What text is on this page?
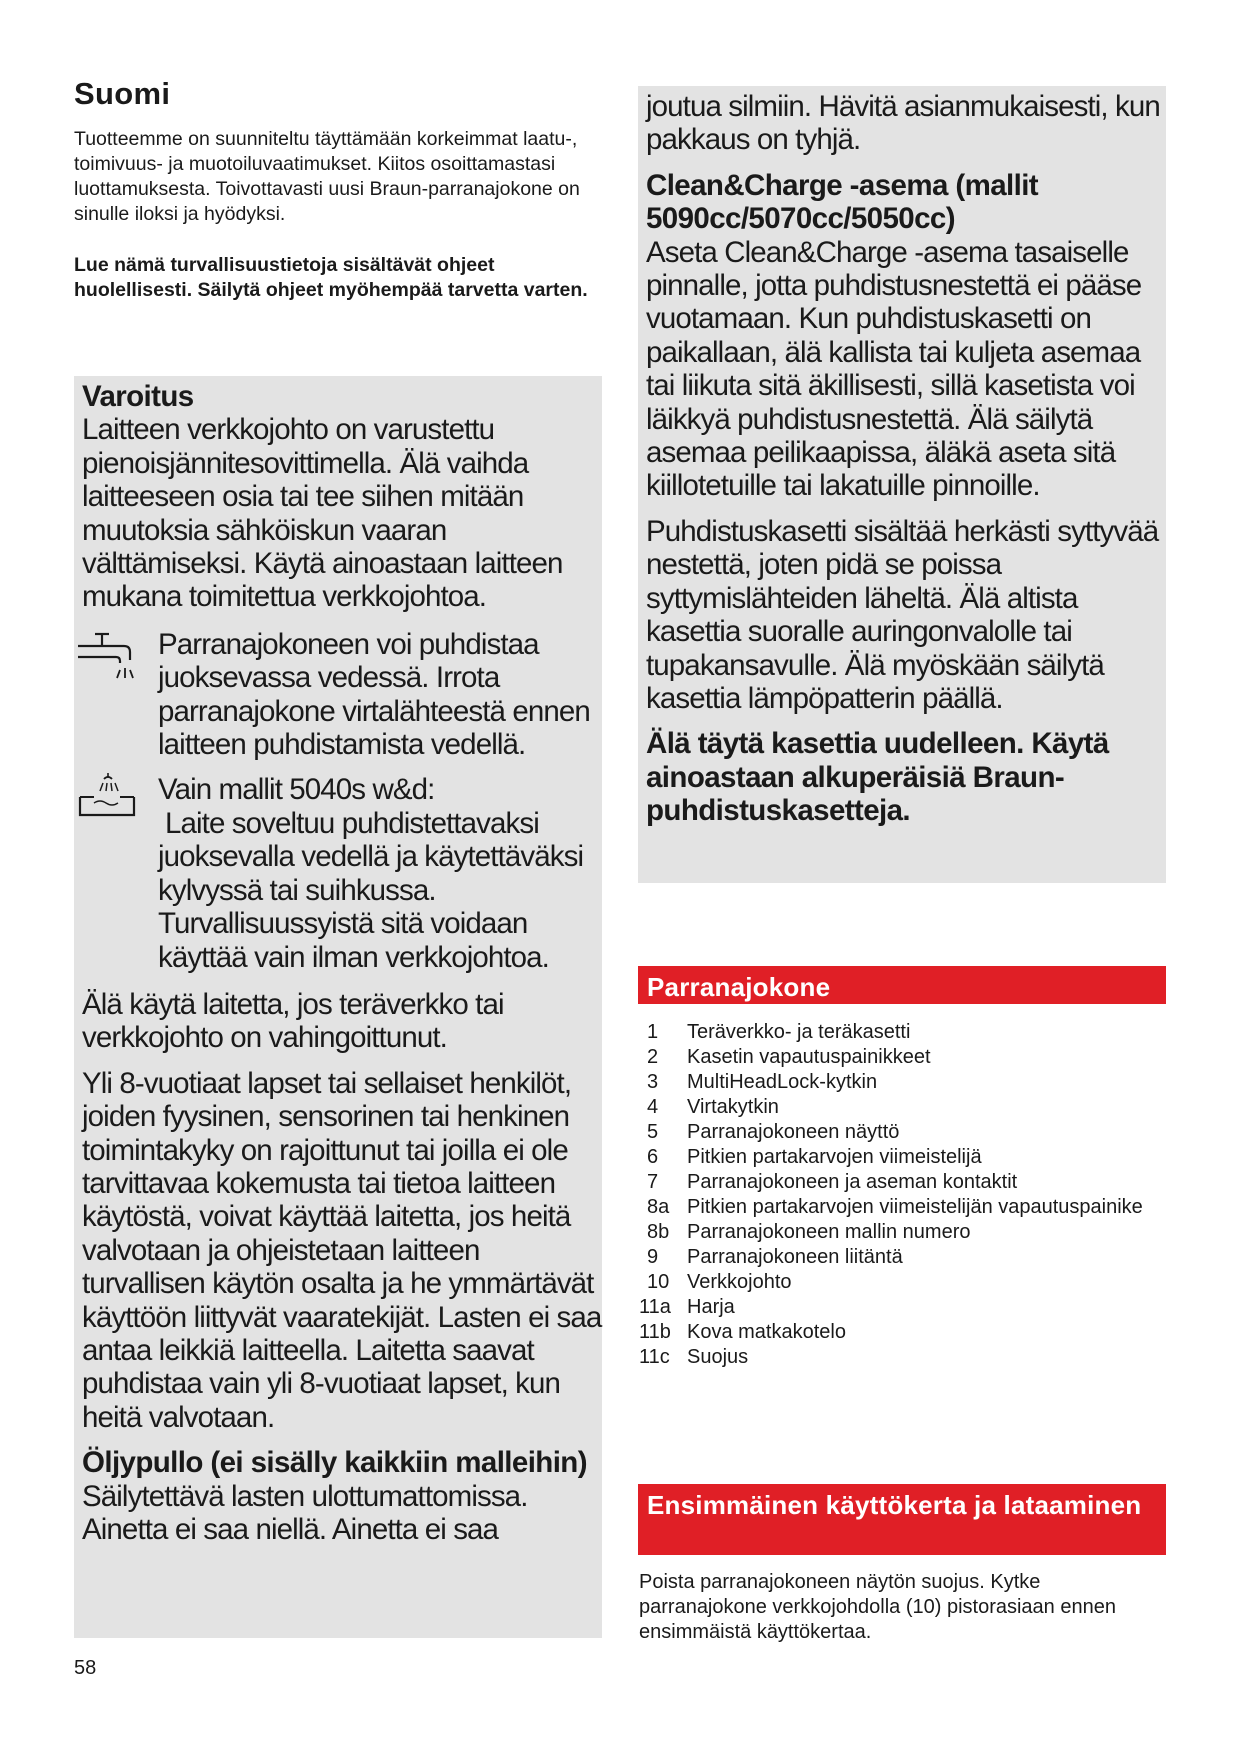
Suomi

Tuotteemme on suunniteltu täyttämään korkeimmat laatu-, toimivuus- ja muotoiluvaatimukset. Kiitos osoittamastasi luottamuksesta. Toivottavasti uusi Braun-parranajokone on sinulle iloksi ja hyödyksi.

Lue nämä turvallisuustietoja sisältävät ohjeet huolellisesti. Säilytä ohjeet myöhempää tarvetta varten.

Varoitus

Laitteen verkkojohto on varustettu pienoisjännitesovittimella. Älä vaihda laitteeseen osia tai tee siihen mitään muutoksia sähköiskun vaaran välttämiseksi. Käytä ainoastaan laitteen mukana toimitettua verkkojohtoa.

Parranajokoneen voi puhdistaa juoksevassa vedessä. Irrota parranajokone virtalähteestä ennen laitteen puhdistamista vedellä.

Vain mallit 5040s w&d:

Laite soveltuu puhdistettavaksi juoksevalla vedellä ja käytettäväksi kylvyssä tai suihkussa. Turvallisuussyistä sitä voidaan käyttää vain ilman verkkojohtoa.

Älä käytä laitetta, jos teräverkko tai verkkojohto on vahingoittunut.

Yli 8-vuotiaat lapset tai sellaiset henkilöt, joiden fyysinen, sensorinen tai henkinen toimintakyky on rajoittunut tai joilla ei ole tarvittavaa kokemusta tai tietoa laitteen käytöstä, voivat käyttää laitetta, jos heitä valvotaan ja ohjeistetaan laitteen turvallisen käytön osalta ja he ymmärtävät käyttöön liittyvät vaaratekijät. Lasten ei saa antaa leikkiä laitteella. Laitetta saavat puhdistaa vain yli 8-vuotiaat lapset, kun heitä valvotaan.

Öljypullo (ei sisälly kaikkiin malleihin)

Säilytettävä lasten ulottumattomissa. Ainetta ei saa niellä. Ainetta ei saa

joutua silmiin. Hävitä asianmukaisesti, kun pakkaus on tyhjä.

Clean&Charge -asema (mallit 5090cc/5070cc/5050cc)

Aseta Clean&Charge -asema tasaiselle pinnalle, jotta puhdistusnestettä ei pääse vuotamaan. Kun puhdistuskasetti on paikallaan, älä kallista tai kuljeta asemaa tai liikuta sitä äkillisesti, sillä kasetista voi läikkyä puhdistusnestettä. Älä säilytä asemaa peilikaapissa, äläkä aseta sitä kiillotetuille tai lakatuille pinnoille.

Puhdistuskasetti sisältää herkästi syttyvää nestettä, joten pidä se poissa syttymislähteiden läheltä. Älä altista kasettia suoralle auringonvalolle tai tupakansavulle. Älä myöskään säilytä kasettia lämpöpatterin päällä.

Älä täytä kasettia uudelleen. Käytä ainoastaan alkuperäisiä Braun-puhdistuskasetteja.

Parranajokone
1	Teräverkko- ja teräkasetti
2	Kasetin vapautuspainikkeet
3	MultiHeadLock-kytkin
4	Virtakytkin
5	Parranajokoneen näyttö
6	Pitkien partakarvojen viimeistelijä
7	Parranajokoneen ja aseman kontaktit
8a Pitkien partakarvojen viimeistelijän vapautuspainike
8b Parranajokoneen mallin numero
9	Parranajokoneen liitäntä
10 Verkkojohto
11a Harja
11b Kova matkakotelo
11c Suojus
Ensimmäinen käyttökerta ja lataaminen

Poista parranajokoneen näytön suojus. Kytke parranajokone verkkojohdolla (10) pistorasiaan ennen ensimmäistä käyttökertaa.

58
